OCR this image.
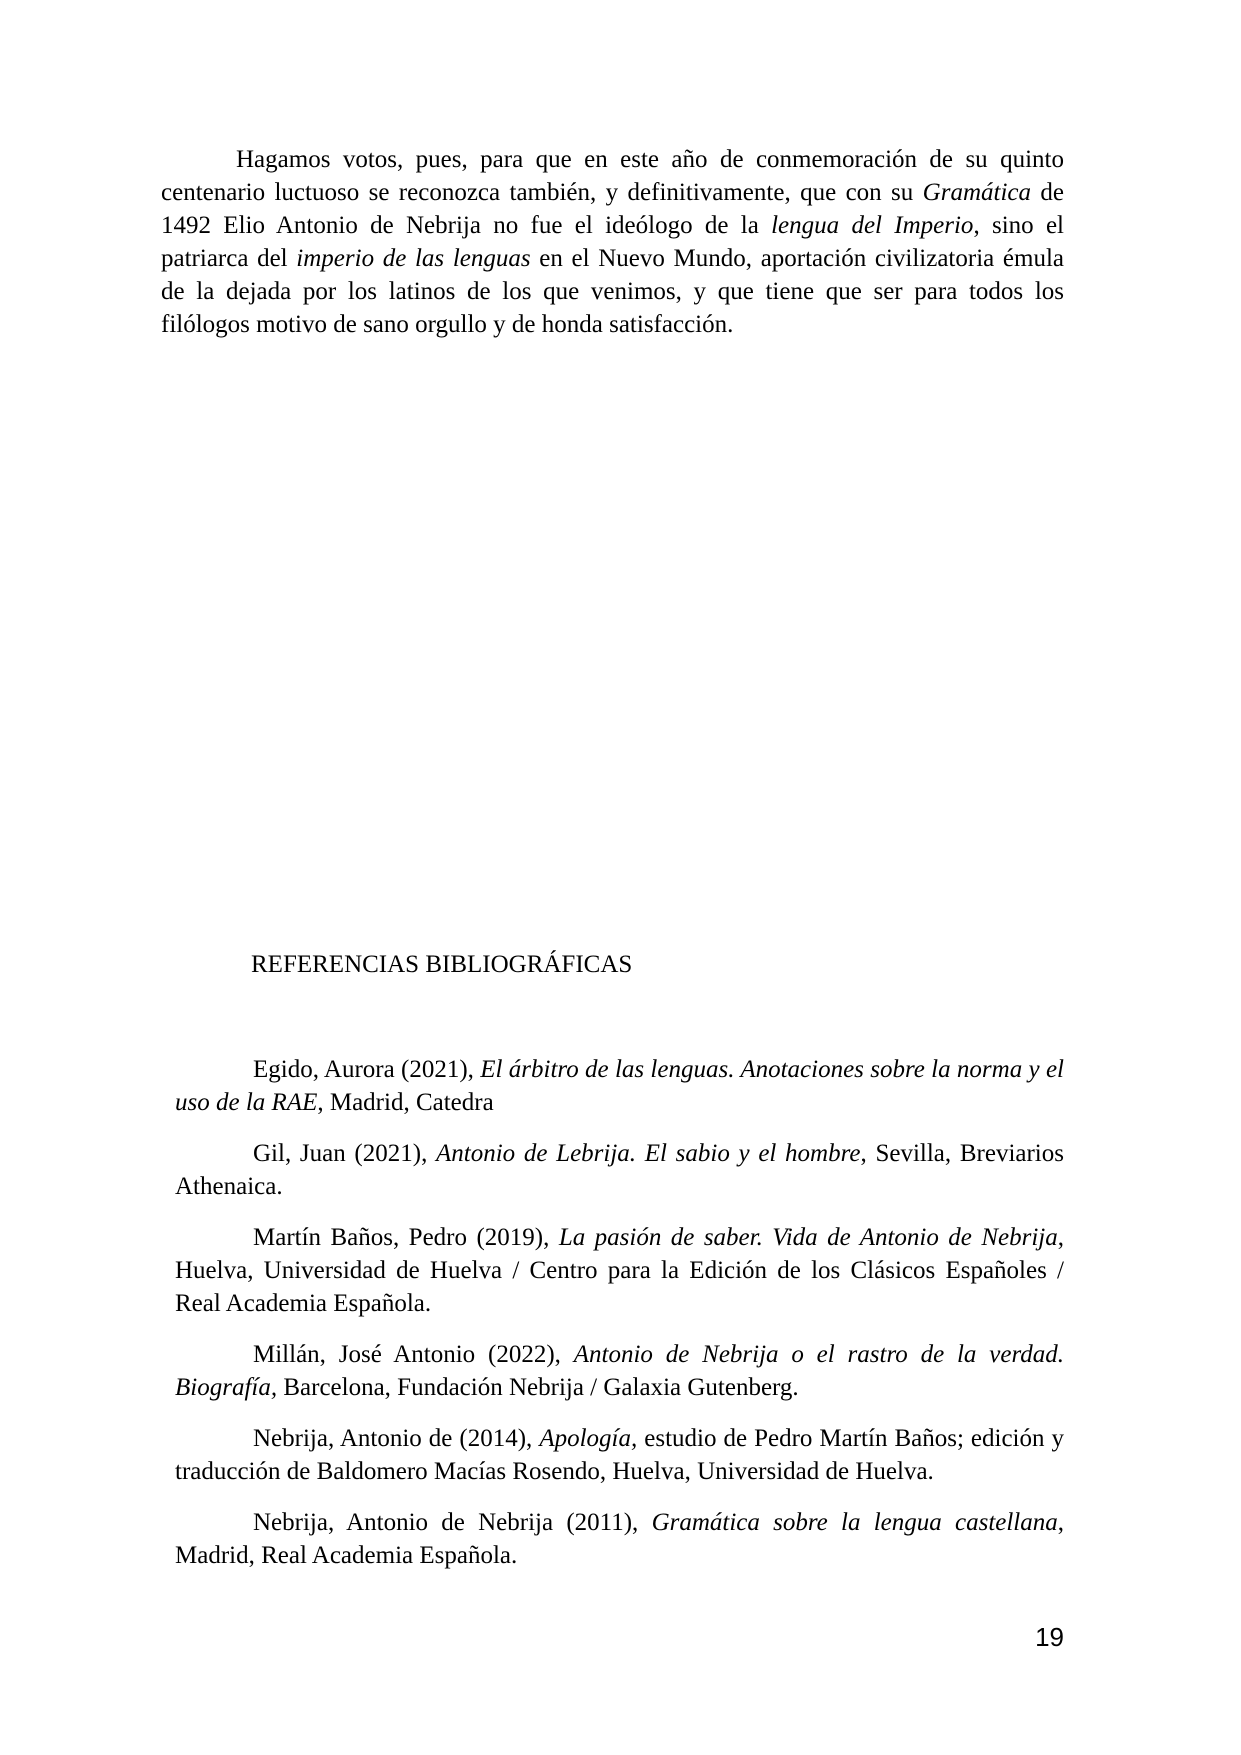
Hagamos votos, pues, para que en este año de conmemoración de su quinto centenario luctuoso se reconozca también, y definitivamente, que con su Gramática de 1492 Elio Antonio de Nebrija no fue el ideólogo de la lengua del Imperio, sino el patriarca del imperio de las lenguas en el Nuevo Mundo, aportación civilizatoria émula de la dejada por los latinos de los que venimos, y que tiene que ser para todos los filólogos motivo de sano orgullo y de honda satisfacción.

REFERENCIAS BIBLIOGRÁFICAS

Egido, Aurora (2021), El árbitro de las lenguas. Anotaciones sobre la norma y el uso de la RAE, Madrid, Catedra

Gil, Juan (2021), Antonio de Lebrija. El sabio y el hombre, Sevilla, Breviarios Athenaica.

Martín Baños, Pedro (2019), La pasión de saber. Vida de Antonio de Nebrija, Huelva, Universidad de Huelva / Centro para la Edición de los Clásicos Españoles / Real Academia Española.

Millán, José Antonio (2022), Antonio de Nebrija o el rastro de la verdad. Biografía, Barcelona, Fundación Nebrija / Galaxia Gutenberg.

Nebrija, Antonio de (2014), Apología, estudio de Pedro Martín Baños; edición y traducción de Baldomero Macías Rosendo, Huelva, Universidad de Huelva.

Nebrija, Antonio de Nebrija (2011), Gramática sobre la lengua castellana, Madrid, Real Academia Española.

19
